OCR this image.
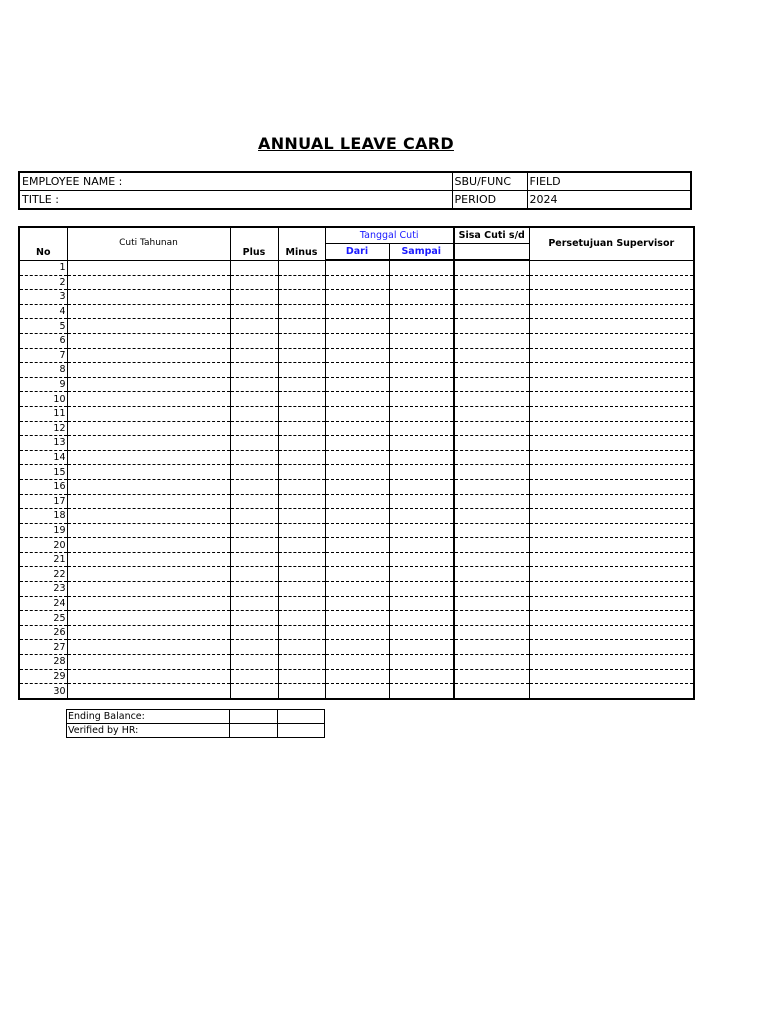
ANNUAL LEAVE CARD
EMPLOYEE NAME :	SBU/FUNC	FIELD
TITLE :	PERIOD	2024
No	Cuti Tahunan	Plus	Minus	Tanggal Cuti		Sisa Cuti s/d	Persetujuan Supervisor
				Dari	Sampai		
1							
2							
3							
4							
5							
6							
7							
8							
9							
10							
11							
12							
13							
14							
15							
16							
17							
18							
19							
20							
21							
22							
23							
24							
25							
26							
27							
28							
29							
30							
Ending Balance:		
Verified by HR:		
